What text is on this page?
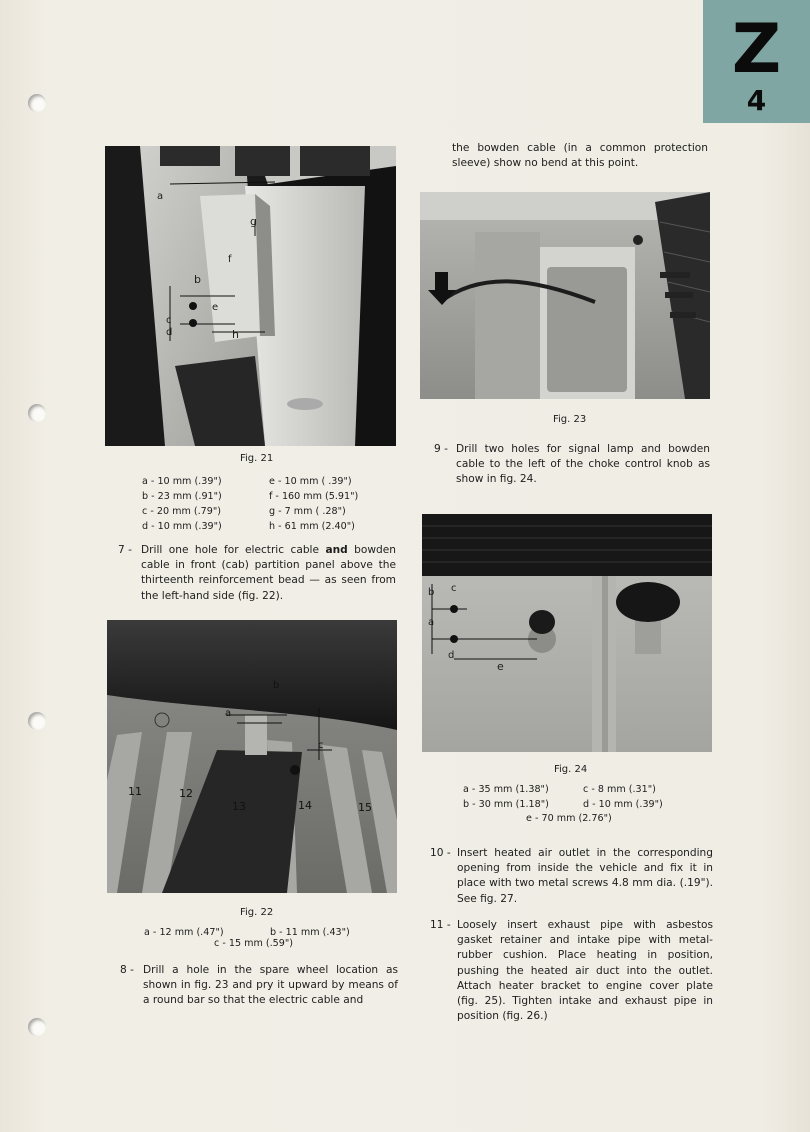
Z
4
a
b
c
d
e
f
g
h
Fig. 21
a - 10 mm (.39")	e - 10 mm ( .39")
b - 23 mm (.91")	f - 160 mm (5.91")
c - 20 mm (.79")	g - 7 mm ( .28")
d - 10 mm (.39")	h - 61 mm (2.40")
7 - Drill one hole for electric cable and bowden cable in front (cab) partition panel above the thirteenth reinforcement bead — as seen from the left-hand side (fig. 22).
11	12
13	14	15
a
b
c
Fig. 22
a - 12 mm (.47")	b - 11 mm (.43")
c - 15 mm (.59")
8 - Drill a hole in the spare wheel location as shown in fig. 23 and pry it upward by means of a round bar so that the electric cable and
the bowden cable (in a common protection sleeve) show no bend at this point.
Fig. 23
9 - Drill two holes for signal lamp and bowden cable to the left of the choke control knob as show in fig. 24.
a
b c
d
e
Fig. 24
a - 35 mm (1.38")	c - 8 mm (.31")
b - 30 mm (1.18")	d - 10 mm (.39")
e - 70 mm (2.76")
10 - Insert heated air outlet in the corresponding opening from inside the vehicle and fix it in place with two metal screws 4.8 mm dia. (.19"). See fig. 27.
11 - Loosely insert exhaust pipe with asbestos gasket retainer and intake pipe with metal-rubber cushion. Place heating in position, pushing the heated air duct into the outlet. Attach heater bracket to engine cover plate (fig. 25). Tighten intake and exhaust pipe in position (fig. 26.)
